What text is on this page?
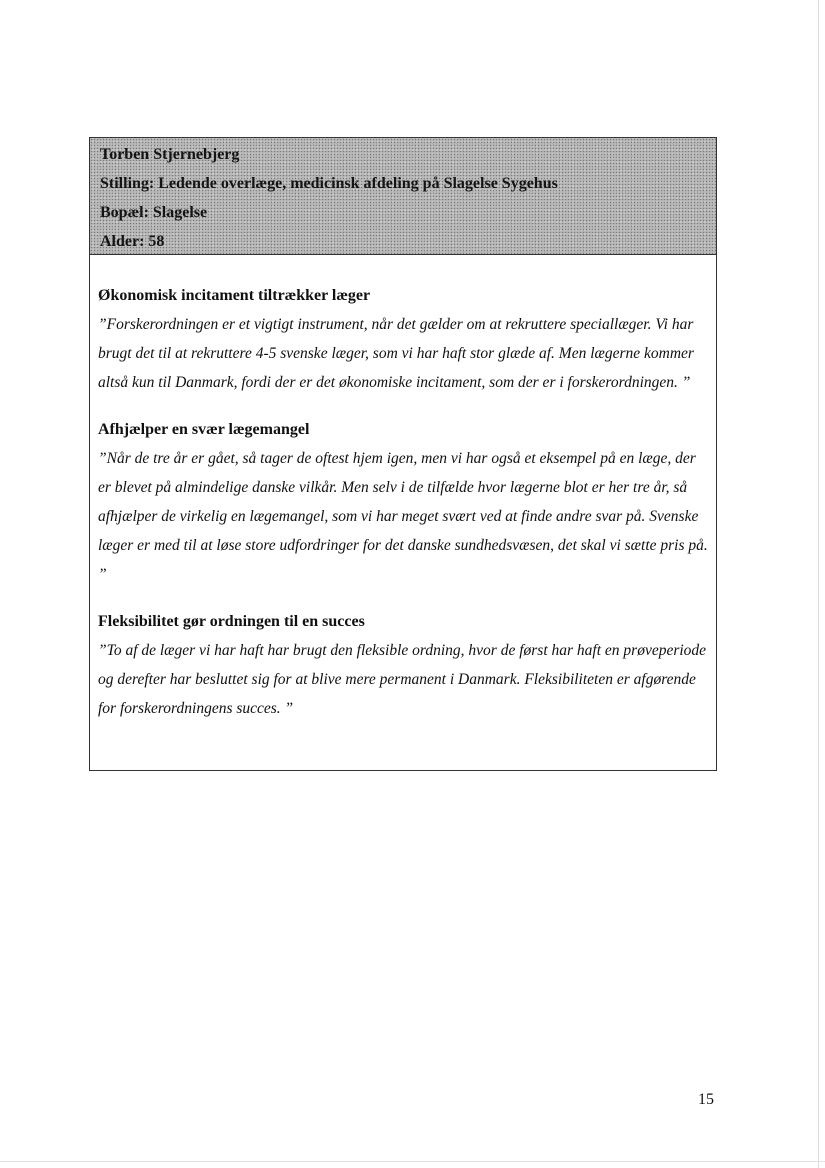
Torben Stjernebjerg
Stilling: Ledende overlæge, medicinsk afdeling på Slagelse Sygehus
Bopæl: Slagelse
Alder: 58
Økonomisk incitament tiltrækker læger

”Forskerordningen er et vigtigt instrument, når det gælder om at rekruttere speciallæger. Vi har brugt det til at rekruttere 4-5 svenske læger, som vi har haft stor glæde af. Men lægerne kommer altså kun til Danmark, fordi der er det økonomiske incitament, som der er i forskerordningen. ”

Afhjælper en svær lægemangel

”Når de tre år er gået, så tager de oftest hjem igen, men vi har også et eksempel på en læge, der er blevet på almindelige danske vilkår. Men selv i de tilfælde hvor lægerne blot er her tre år, så afhjælper de virkelig en lægemangel, som vi har meget svært ved at finde andre svar på. Svenske læger er med til at løse store udfordringer for det danske sundhedsvæsen, det skal vi sætte pris på. ”

Fleksibilitet gør ordningen til en succes

”To af de læger vi har haft har brugt den fleksible ordning, hvor de først har haft en prøveperiode og derefter har besluttet sig for at blive mere permanent i Danmark. Fleksibiliteten er afgørende for forskerordningens succes. ”

15
